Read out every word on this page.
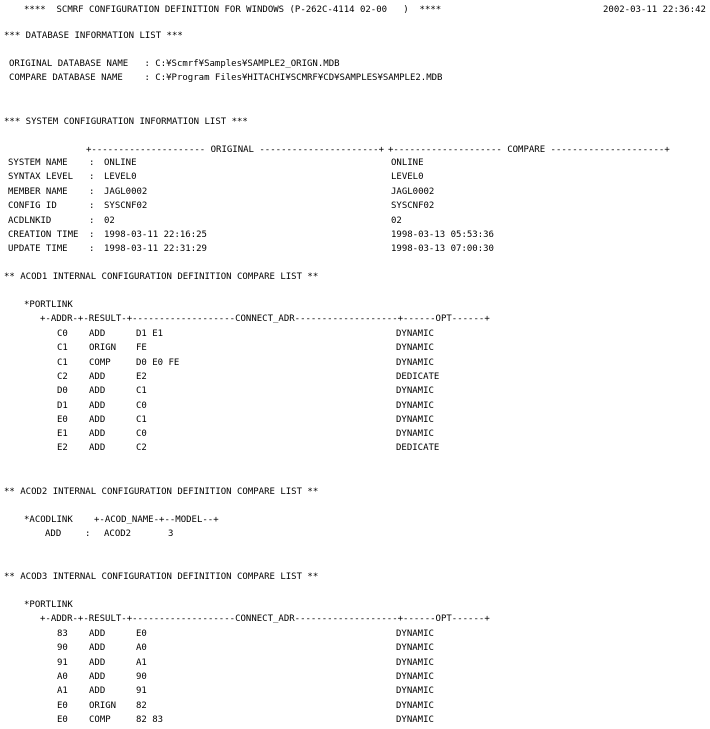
****  SCMRF CONFIGURATION DEFINITION FOR WINDOWS (P-262C-4114 02-00   )  ****	2002-03-11 22:36:42
*** DATABASE INFORMATION LIST ***
ORIGINAL DATABASE NAME   : C:¥Scmrf¥Samples¥SAMPLE2_ORIGN.MDB
COMPARE DATABASE NAME    : C:¥Program Files¥HITACHI¥SCMRF¥CD¥SAMPLES¥SAMPLE2.MDB
*** SYSTEM CONFIGURATION INFORMATION LIST ***
+--------------------- ORIGINAL ----------------------+ +-------------------- COMPARE ---------------------+
SYSTEM NAME	ONLINE	ONLINE
:
SYNTAX LEVEL	LEVEL0	LEVEL0
:
MEMBER NAME	JAGL0002	JAGL0002
:
CONFIG ID	SYSCNF02	SYSCNF02
:
ACDLNKID	02	02
:
CREATION TIME	1998-03-11 22:16:25	1998-03-13 05:53:36
:
UPDATE TIME	1998-03-11 22:31:29	1998-03-13 07:00:30
:
** ACOD1 INTERNAL CONFIGURATION DEFINITION COMPARE LIST **
*PORTLINK
+-ADDR-+-RESULT-+-------------------CONNECT_ADR-------------------+------OPT------+
C0 ADD	D1 E1	DYNAMIC
C1 ORIGN FE	DYNAMIC
C1 COMP	D0 E0 FE	DYNAMIC
C2 ADD	E2	DEDICATE
D0 ADD	C1	DYNAMIC
D1 ADD	C0	DYNAMIC
E0 ADD	C1	DYNAMIC
E1 ADD	C0	DYNAMIC
E2 ADD	C2	DEDICATE
** ACOD2 INTERNAL CONFIGURATION DEFINITION COMPARE LIST **
*ACODLINK +-ACOD_NAME-+--MODEL--+
ADD	: ACOD2	3
** ACOD3 INTERNAL CONFIGURATION DEFINITION COMPARE LIST **
*PORTLINK
+-ADDR-+-RESULT-+-------------------CONNECT_ADR-------------------+------OPT------+
83 ADD	E0	DYNAMIC
90 ADD	A0	DYNAMIC
91 ADD	A1	DYNAMIC
A0 ADD	90	DYNAMIC
A1 ADD	91	DYNAMIC
E0 ORIGN 82	DYNAMIC
E0 COMP	82 83	DYNAMIC
